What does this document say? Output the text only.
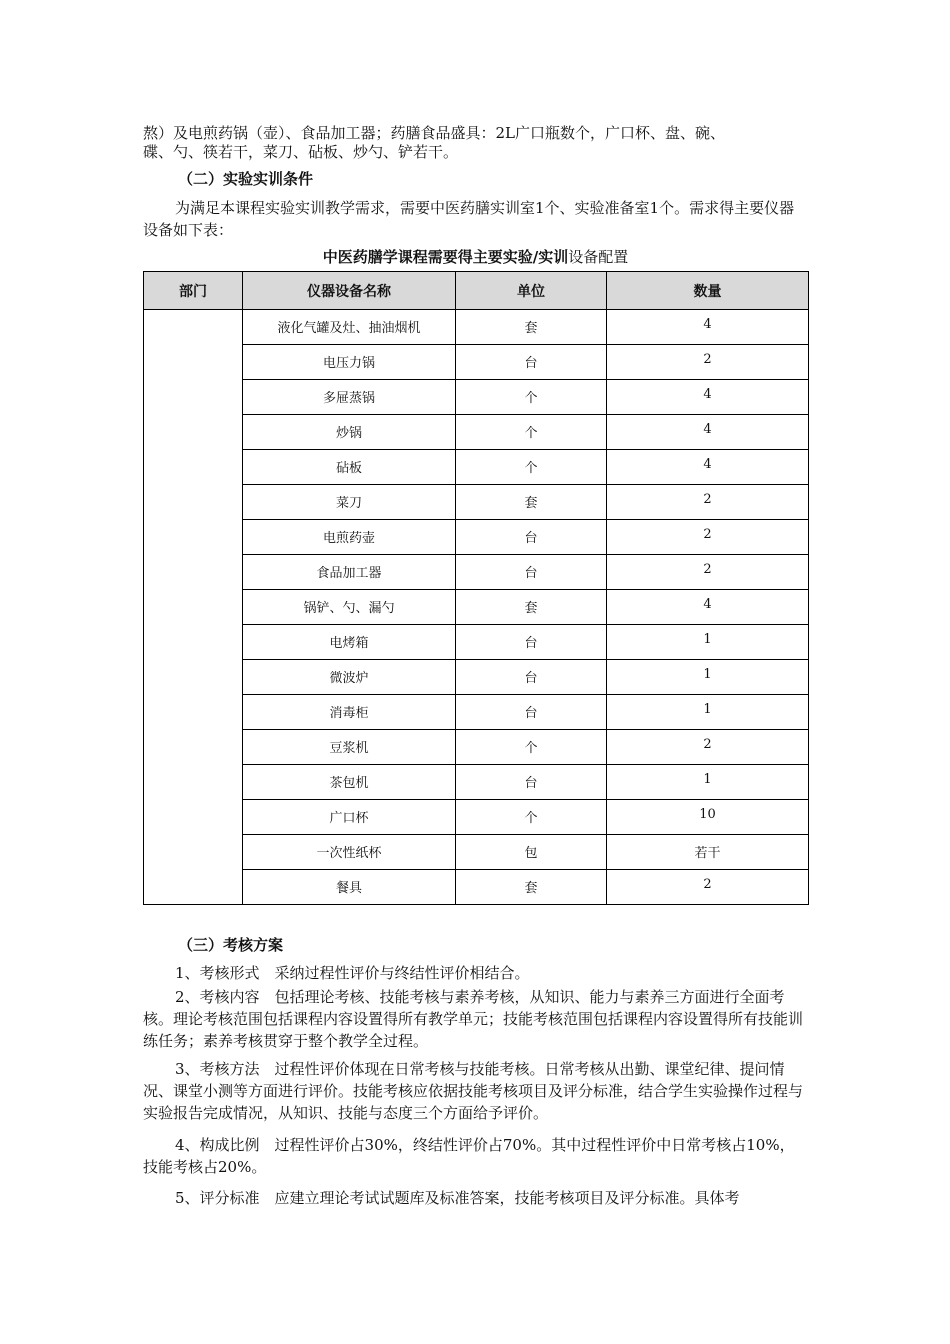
熬）及电煎药锅（壶）、食品加工器；药膳食品盛具：2L广口瓶数个，广口杯、盘、碗、

碟、勺、筷若干，菜刀、砧板、炒勺、铲若干。

（二）实验实训条件

为满足本课程实验实训教学需求，需要中医药膳实训室1个、实验准备室1个。需求得主要仪器设备如下表：

中医药膳学课程需要得主要实验/实训设备配置
部门	仪器设备名称	单位	数量
	液化气罐及灶、抽油烟机	套	4
	电压力锅	台	2
	多屉蒸锅	个	4
	炒锅	个	4
	砧板	个	4
	菜刀	套	2
	电煎药壶	台	2
	食品加工器	台	2
	锅铲、勺、漏勺	套	4
	电烤箱	台	1
	微波炉	台	1
	消毒柜	台	1
	豆浆机	个	2
	茶包机	台	1
	广口杯	个	10
	一次性纸杯	包	若干
	餐具	套	2
（三）考核方案

1、考核形式　采纳过程性评价与终结性评价相结合。

2、考核内容　包括理论考核、技能考核与素养考核，从知识、能力与素养三方面进行全面考核。理论考核范围包括课程内容设置得所有教学单元；技能考核范围包括课程内容设置得所有技能训练任务；素养考核贯穿于整个教学全过程。

3、考核方法　过程性评价体现在日常考核与技能考核。日常考核从出勤、课堂纪律、提问情况、课堂小测等方面进行评价。技能考核应依据技能考核项目及评分标准，结合学生实验操作过程与实验报告完成情况，从知识、技能与态度三个方面给予评价。

4、构成比例　过程性评价占30%，终结性评价占70%。其中过程性评价中日常考核占10%，技能考核占20%。

5、评分标准　应建立理论考试试题库及标准答案，技能考核项目及评分标准。具体考
